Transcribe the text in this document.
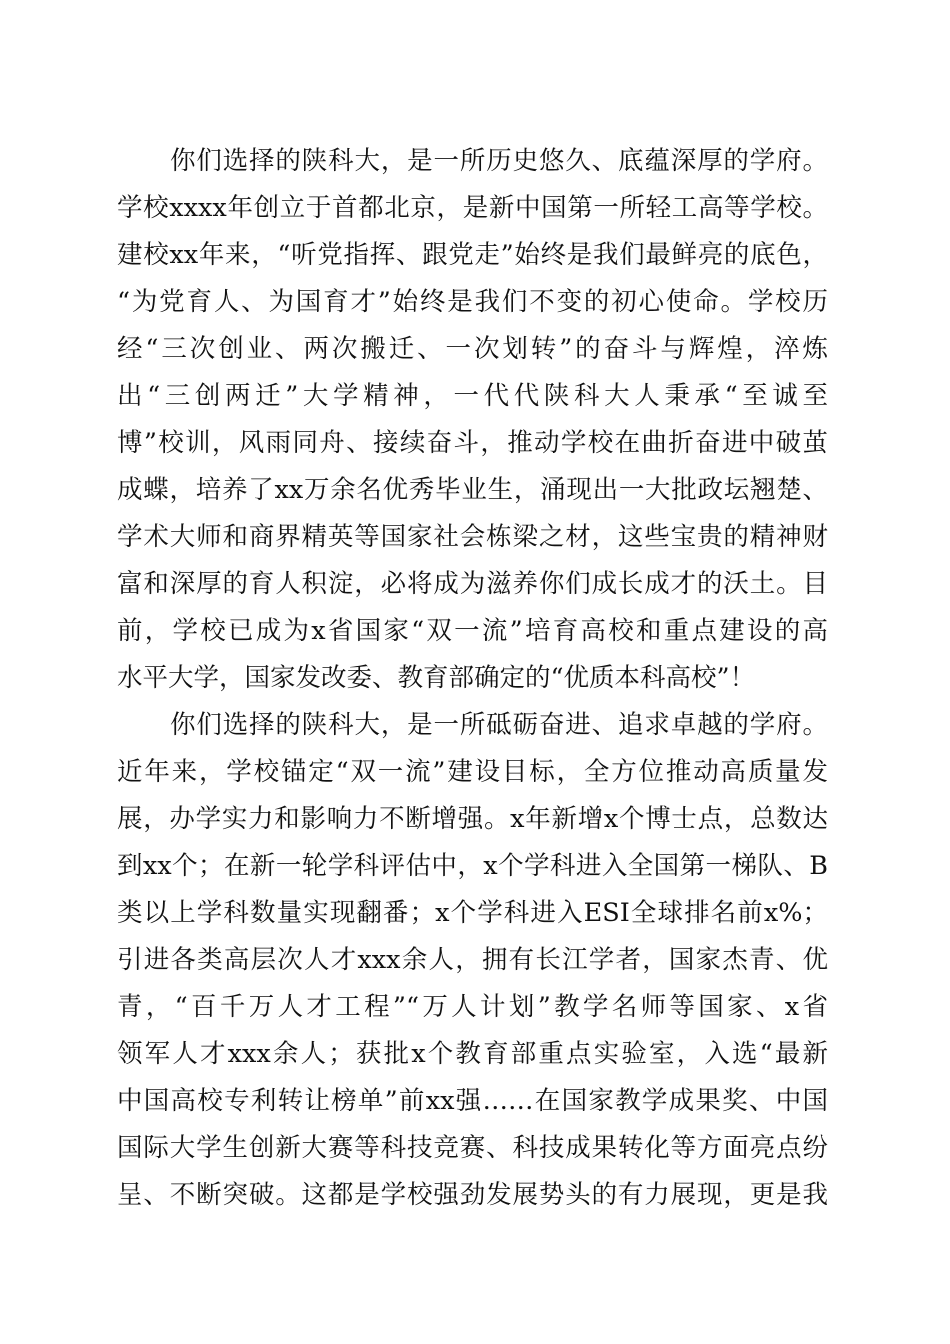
你们选择的陕科大，是一所历史悠久、底蕴深厚的学府。
学校xxxx年创立于首都北京，是新中国第一所轻工高等学校。
建校xx年来，“听党指挥、跟党走”始终是我们最鲜亮的底色，
“为党育人、为国育才”始终是我们不变的初心使命。学校历
经“三次创业、两次搬迁、一次划转”的奋斗与辉煌，淬炼
出“三创两迁”大学精神，一代代陕科大人秉承“至诚至
博”校训，风雨同舟、接续奋斗，推动学校在曲折奋进中破茧
成蝶，培养了xx万余名优秀毕业生，涌现出一大批政坛翘楚、
学术大师和商界精英等国家社会栋梁之材，这些宝贵的精神财
富和深厚的育人积淀，必将成为滋养你们成长成才的沃土。目
前，学校已成为x省国家“双一流”培育高校和重点建设的高
水平大学，国家发改委、教育部确定的“优质本科高校”！
你们选择的陕科大，是一所砥砺奋进、追求卓越的学府。
近年来，学校锚定“双一流”建设目标，全方位推动高质量发
展，办学实力和影响力不断增强。x年新增x个博士点，总数达
到xx个；在新一轮学科评估中，x个学科进入全国第一梯队、B
类以上学科数量实现翻番；x个学科进入ESI全球排名前x%；
引进各类高层次人才xxx余人，拥有长江学者，国家杰青、优
青，“百千万人才工程”“万人计划”教学名师等国家、x省
领军人才xxx余人；获批x个教育部重点实验室，入选“最新
中国高校专利转让榜单”前xx强……在国家教学成果奖、中国
国际大学生创新大赛等科技竞赛、科技成果转化等方面亮点纷
呈、不断突破。这都是学校强劲发展势头的有力展现，更是我
